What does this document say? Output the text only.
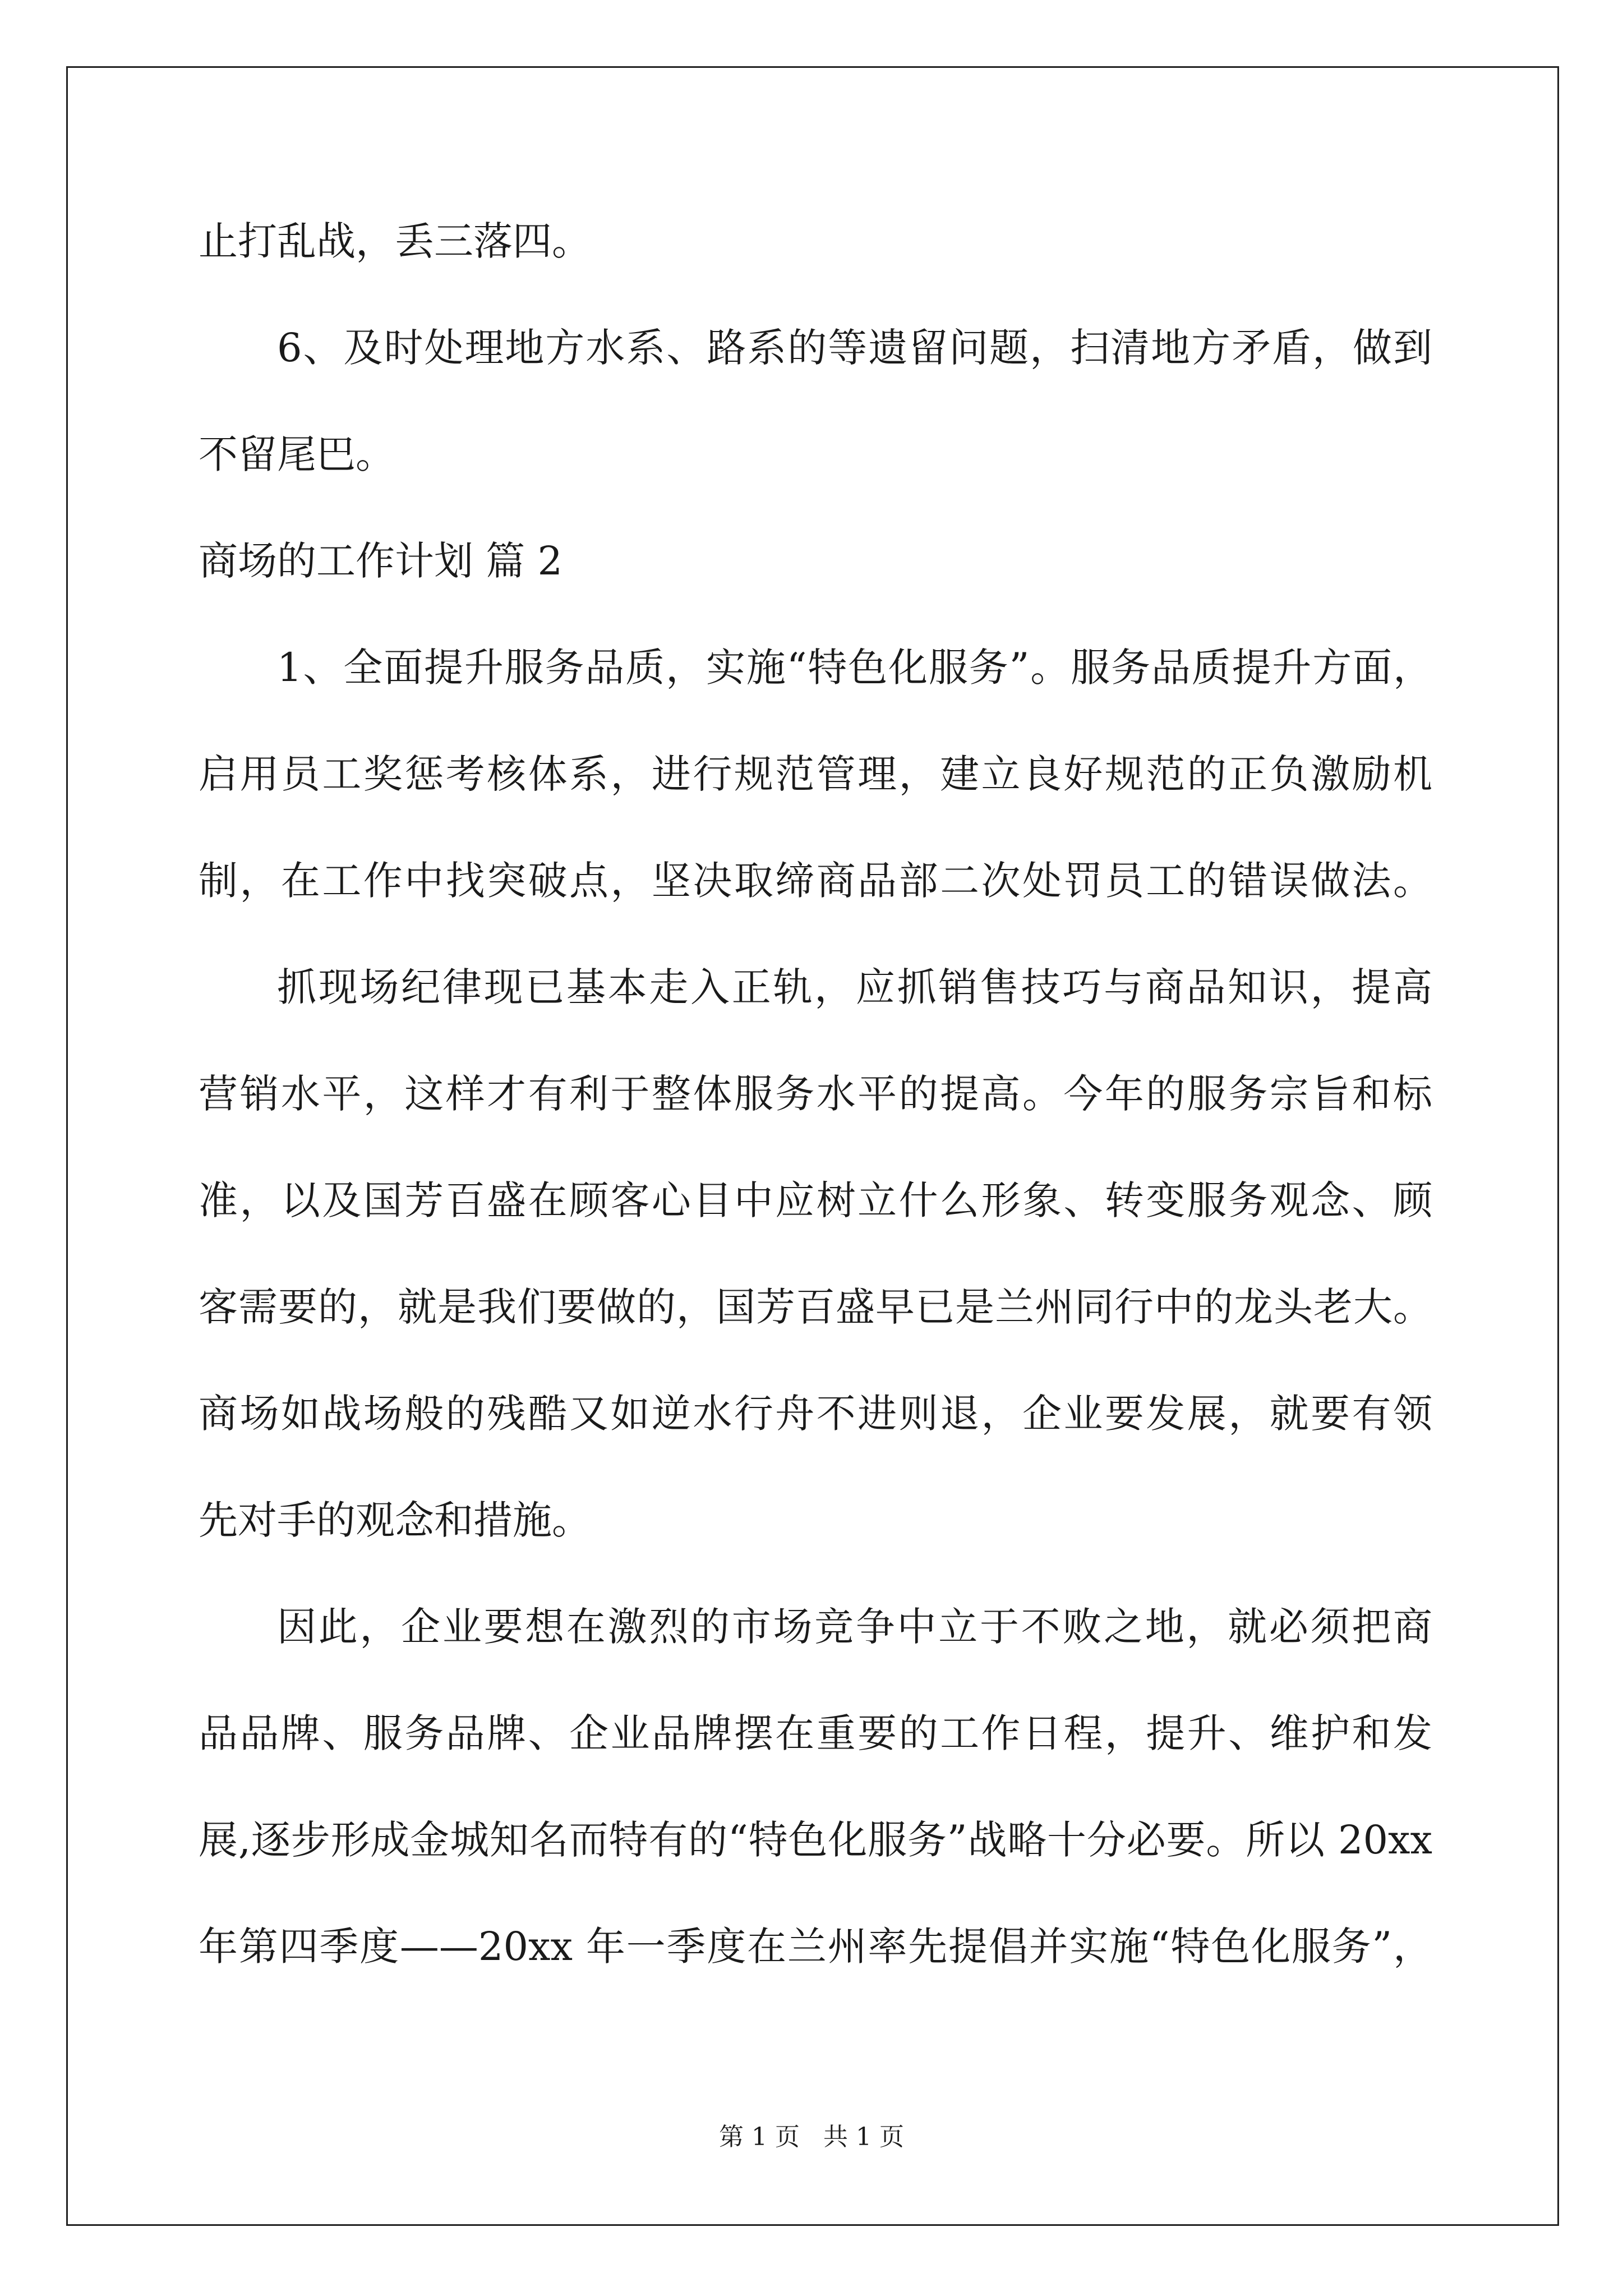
止打乱战，丢三落四。
6、及时处理地方水系、路系的等遗留问题，扫清地方矛盾，做到
不留尾巴。
商场的工作计划 篇 2
1、全面提升服务品质，实施“特色化服务”。服务品质提升方面，
启用员工奖惩考核体系，进行规范管理，建立良好规范的正负激励机
制，在工作中找突破点，坚决取缔商品部二次处罚员工的错误做法。
抓现场纪律现已基本走入正轨，应抓销售技巧与商品知识，提高
营销水平，这样才有利于整体服务水平的提高。今年的服务宗旨和标
准，以及国芳百盛在顾客心目中应树立什么形象、转变服务观念、顾
客需要的，就是我们要做的，国芳百盛早已是兰州同行中的龙头老大。
商场如战场般的残酷又如逆水行舟不进则退，企业要发展，就要有领
先对手的观念和措施。
因此，企业要想在激烈的市场竞争中立于不败之地，就必须把商
品品牌、服务品牌、企业品牌摆在重要的工作日程，提升、维护和发
展,逐步形成金城知名而特有的“特色化服务”战略十分必要。所以 20xx
年第四季度——20xx 年一季度在兰州率先提倡并实施“特色化服务”，
第 1 页   共 1 页
